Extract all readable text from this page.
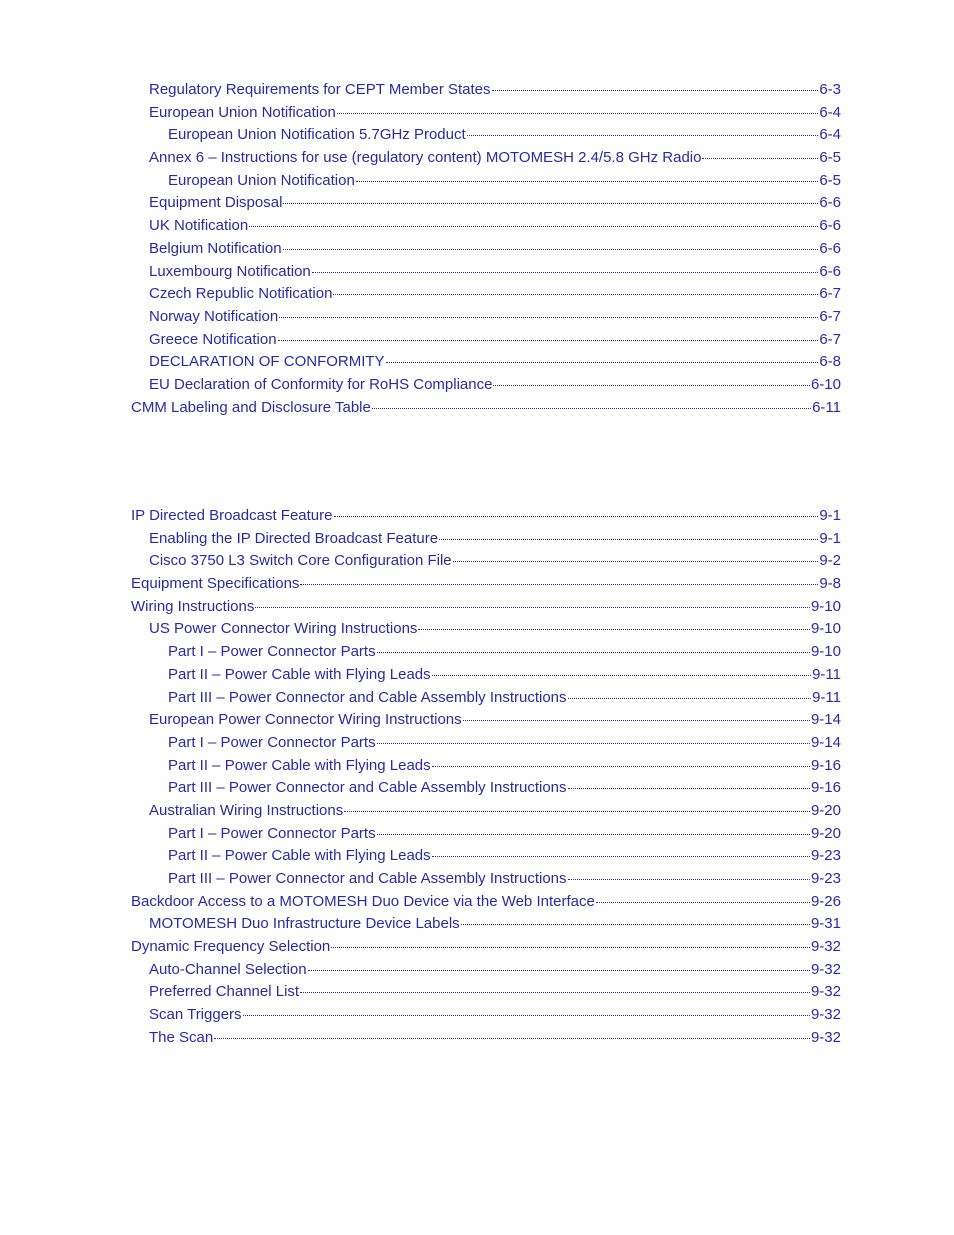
Regulatory Requirements for CEPT Member States	6-3
European Union Notification	6-4
European Union Notification 5.7GHz Product	6-4
Annex 6 – Instructions for use (regulatory content) MOTOMESH 2.4/5.8 GHz Radio	6-5
European Union Notification	6-5
Equipment Disposal	6-6
UK Notification	6-6
Belgium Notification	6-6
Luxembourg Notification	6-6
Czech Republic Notification	6-7
Norway Notification	6-7
Greece Notification	6-7
DECLARATION OF CONFORMITY	6-8
EU Declaration of Conformity for RoHS Compliance	6-10
CMM Labeling and Disclosure Table	6-11
IP Directed Broadcast Feature	9-1
Enabling the IP Directed Broadcast Feature	9-1
Cisco 3750 L3 Switch Core Configuration File	9-2
Equipment Specifications	9-8
Wiring Instructions	9-10
US Power Connector Wiring Instructions	9-10
Part I – Power Connector Parts	9-10
Part II – Power Cable with Flying Leads	9-11
Part III – Power Connector and Cable Assembly Instructions	9-11
European Power Connector Wiring Instructions	9-14
Part I – Power Connector Parts	9-14
Part II – Power Cable with Flying Leads	9-16
Part III – Power Connector and Cable Assembly Instructions	9-16
Australian Wiring Instructions	9-20
Part I – Power Connector Parts	9-20
Part II – Power Cable with Flying Leads	9-23
Part III – Power Connector and Cable Assembly Instructions	9-23
Backdoor Access to a MOTOMESH Duo Device via the Web Interface	9-26
MOTOMESH Duo Infrastructure Device Labels	9-31
Dynamic Frequency Selection	9-32
Auto-Channel Selection	9-32
Preferred Channel List	9-32
Scan Triggers	9-32
The Scan	9-32
